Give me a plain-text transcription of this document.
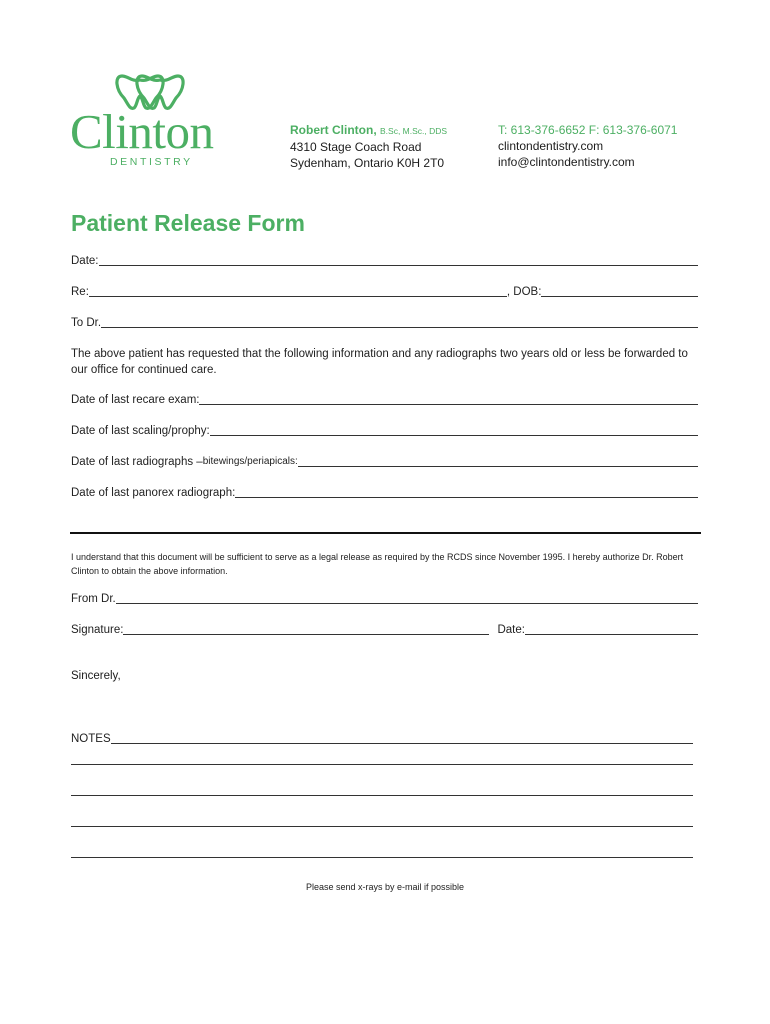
Clinton
DENTISTRY
Robert Clinton, B.Sc, M.Sc., DDS
4310 Stage Coach Road
Sydenham, Ontario K0H 2T0
T: 613-376-6652 F: 613-376-6071
clintondentistry.com
info@clintondentistry.com
Patient Release Form
Date:
Re:	, DOB:
To Dr.
The above patient has requested that the following information and any radiographs two years old or less be forwarded to our office for continued care.
Date of last recare exam:
Date of last scaling/prophy:
Date of last radiographs – bitewings/periapicals:
Date of last panorex radiograph:
I understand that this document will be sufficient to serve as a legal release as required by the RCDS since November 1995. I hereby authorize Dr. Robert Clinton to obtain the above information.
From Dr.
Signature:	Date:
Sincerely,
NOTES
Please send x-rays by e-mail if possible
